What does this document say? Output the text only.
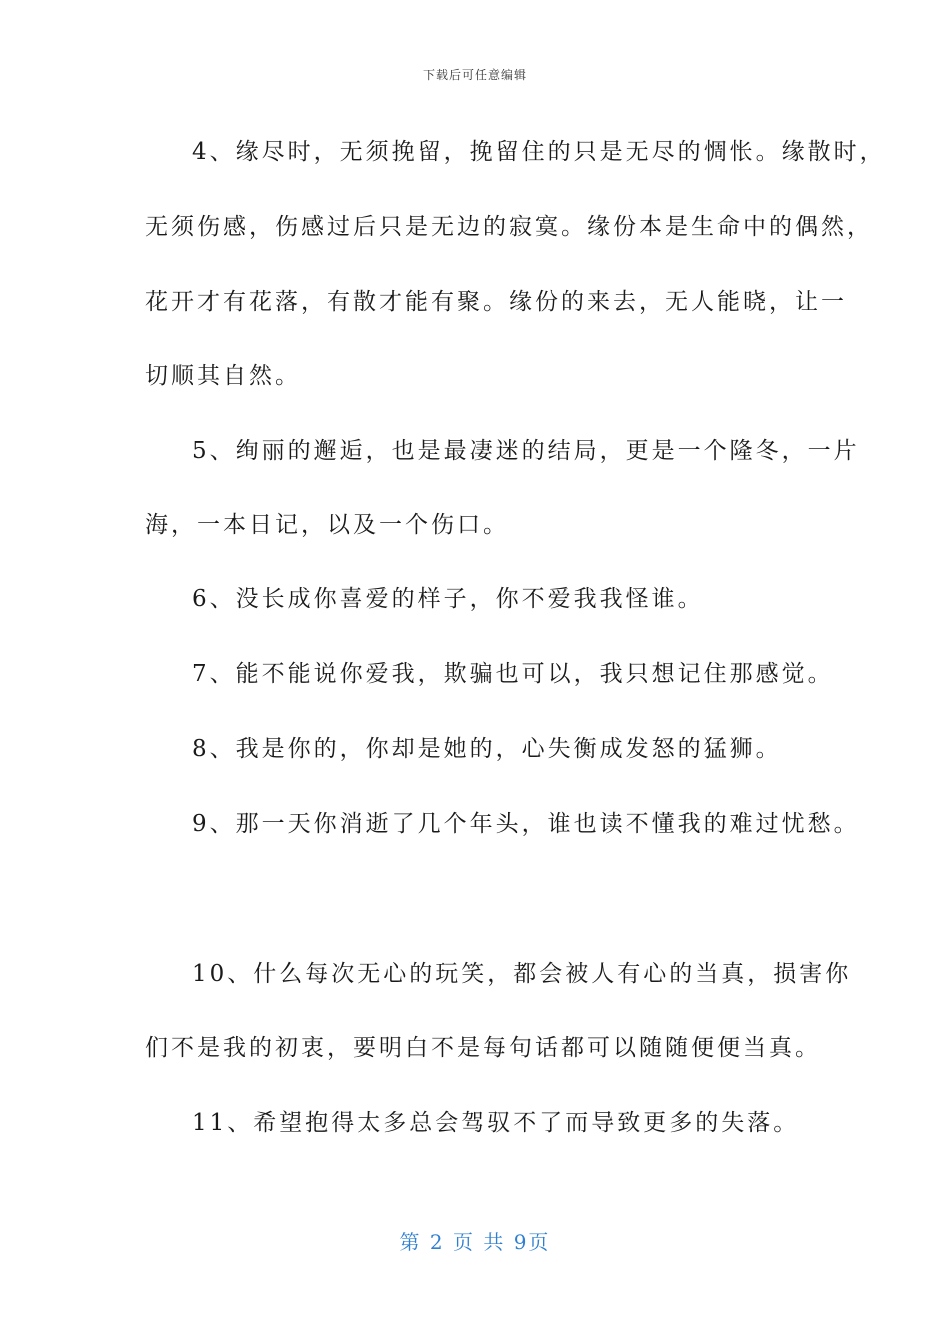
下载后可任意编辑
4、缘尽时，无须挽留，挽留住的只是无尽的惆怅。缘散时，
无须伤感，伤感过后只是无边的寂寞。缘份本是生命中的偶然，
花开才有花落，有散才能有聚。缘份的来去，无人能晓，让一
切顺其自然。
5、绚丽的邂逅，也是最凄迷的结局，更是一个隆冬，一片
海，一本日记，以及一个伤口。
6、没长成你喜爱的样子，你不爱我我怪谁。
7、能不能说你爱我，欺骗也可以，我只想记住那感觉。
8、我是你的，你却是她的，心失衡成发怒的猛狮。
9、那一天你消逝了几个年头，谁也读不懂我的难过忧愁。
10、什么每次无心的玩笑，都会被人有心的当真，损害你
们不是我的初衷，要明白不是每句话都可以随随便便当真。
11、希望抱得太多总会驾驭不了而导致更多的失落。
第 2 页 共 9页
